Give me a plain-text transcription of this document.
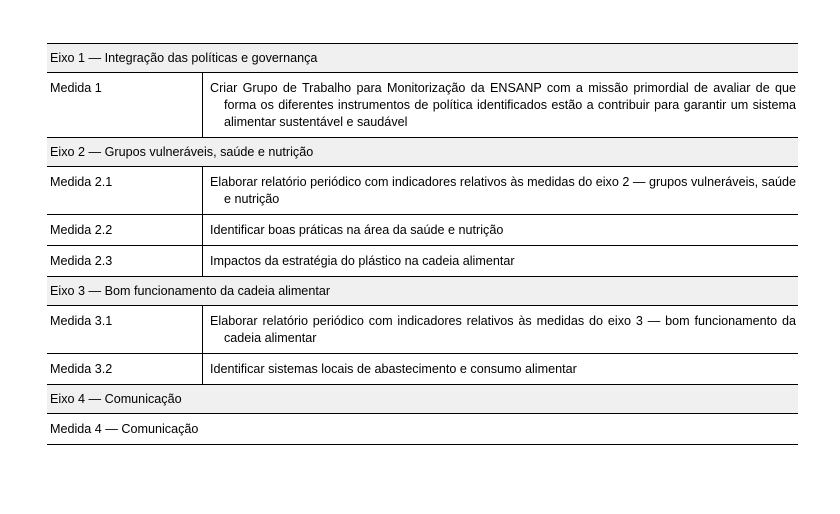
Eixo 1 — Integração das políticas e governança
Medida 1	Criar Grupo de Trabalho para Monitorização da ENSANP com a missão primordial de avaliar de que forma os diferentes instrumentos de política identificados estão a contribuir para garantir um sistema alimentar sustentável e saudável
Eixo 2 — Grupos vulneráveis, saúde e nutrição
Medida 2.1	Elaborar relatório periódico com indicadores relativos às medidas do eixo 2 — grupos vulneráveis, saúde e nutrição
Medida 2.2	Identificar boas práticas na área da saúde e nutrição
Medida 2.3	Impactos da estratégia do plástico na cadeia alimentar
Eixo 3 — Bom funcionamento da cadeia alimentar
Medida 3.1	Elaborar relatório periódico com indicadores relativos às medidas do eixo 3 — bom funcionamento da cadeia alimentar
Medida 3.2	Identificar sistemas locais de abastecimento e consumo alimentar
Eixo 4 — Comunicação
Medida 4 — Comunicação
